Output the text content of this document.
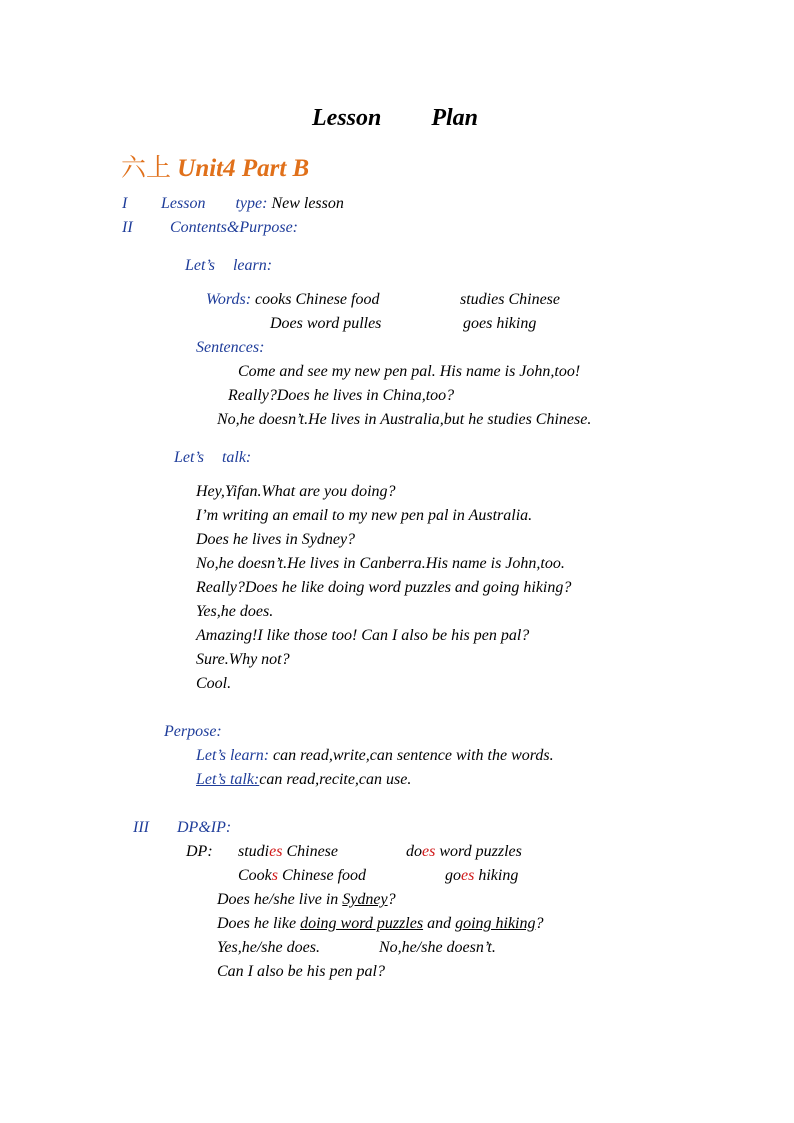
Lesson Plan
六上 Unit4 Part B
I Lesson type: New lesson
II Contents&Purpose:
Let’s learn:
Words: cooks Chinese food	studies Chinese
Does word pulles	goes hiking
Sentences:
Come and see my new pen pal. His name is John,too!
Really?Does he lives in China,too?
No,he doesn’t.He lives in Australia,but he studies Chinese.
Let’s talk:
Hey,Yifan.What are you doing?
I’m writing an email to my new pen pal in Australia.
Does he lives in Sydney?
No,he doesn’t.He lives in Canberra.His name is John,too.
Really?Does he like doing word puzzles and going hiking?
Yes,he does.
Amazing!I like those too! Can I also be his pen pal?
Sure.Why not?
Cool.
Perpose:
Let’s learn: can read,write,can sentence with the words.
Let’s talk:can read,recite,can use.
III DP&IP:
DP: studies Chinese	does word puzzles
Cooks Chinese food	goes hiking
Does he/she live in Sydney?
Does he like doing word puzzles and going hiking?
Yes,he/she does.	No,he/she doesn’t.
Can I also be his pen pal?
